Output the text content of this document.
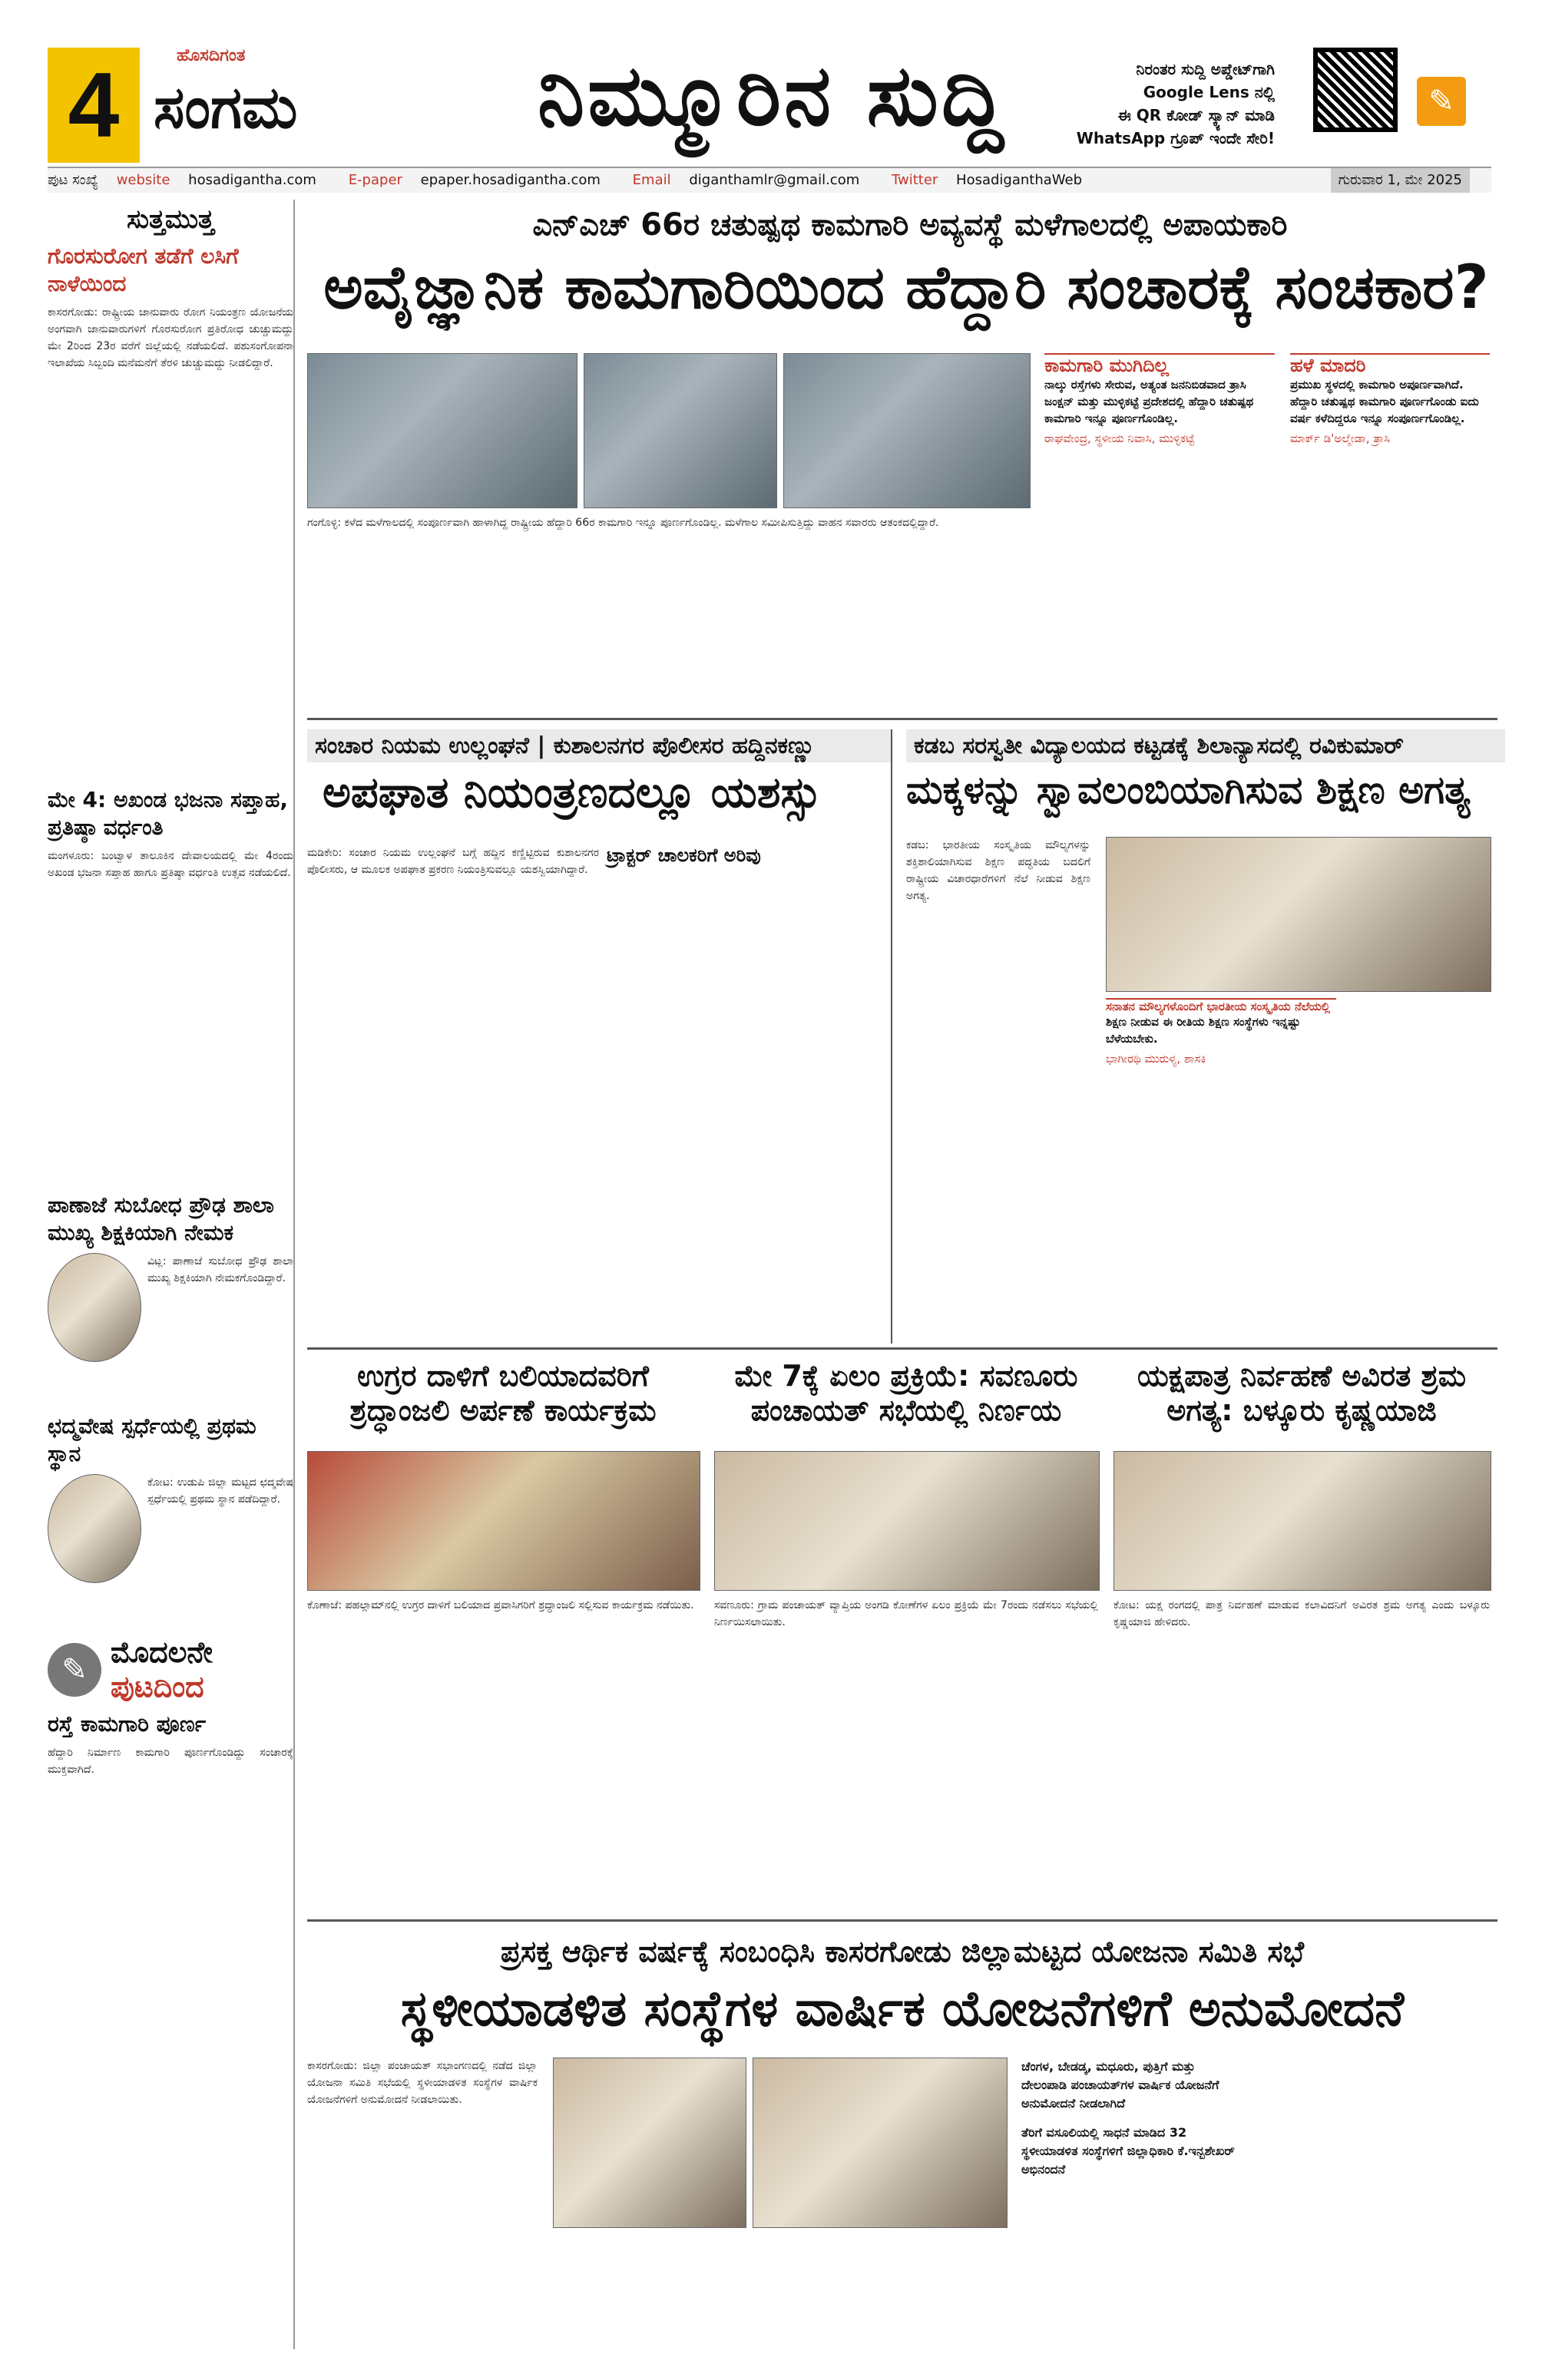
4	ಹೊಸದಿಗಂತ
ಸಂಗಮ	ನಿಮ್ಮೂರಿನ ಸುದ್ದಿ	ನಿರಂತರ ಸುದ್ದಿ ಅಪ್ಡೇಟ್‌ಗಾಗಿ
Google Lens ನಲ್ಲಿ
ಈ QR ಕೋಡ್ ಸ್ಕ್ಯಾನ್ ಮಾಡಿ
WhatsApp ಗ್ರೂಪ್ ಇಂದೇ ಸೇರಿ!
✎
ಪುಟ ಸಂಖ್ಯೆ website hosadigantha.com E-paper epaper.hosadigantha.com Email diganthamlr@gmail.com Twitter HosadiganthaWeb	ಗುರುವಾರ 1, ಮೇ 2025
ಸುತ್ತಮುತ್ತ
ಗೊರಸುರೋಗ ತಡೆಗೆ ಲಸಿಗೆ ನಾಳೆಯಿಂದ
ಕಾಸರಗೋಡು: ರಾಷ್ಟ್ರೀಯ ಜಾನುವಾರು ರೋಗ ನಿಯಂತ್ರಣ ಯೋಜನೆಯ ಅಂಗವಾಗಿ ಜಾನುವಾರುಗಳಿಗೆ ಗೊರಸುರೋಗ ಪ್ರತಿರೋಧ ಚುಚ್ಚುಮದ್ದು ಮೇ 2ರಿಂದ 23ರ ವರೆಗೆ ಜಿಲ್ಲೆಯಲ್ಲಿ ನಡೆಯಲಿದೆ. ಪಶುಸಂಗೋಪನಾ ಇಲಾಖೆಯ ಸಿಬ್ಬಂದಿ ಮನೆಮನೆಗೆ ತೆರಳಿ ಚುಚ್ಚುಮದ್ದು ನೀಡಲಿದ್ದಾರೆ.
ಮೇ 4: ಅಖಂಡ ಭಜನಾ ಸಪ್ತಾಹ, ಪ್ರತಿಷ್ಠಾ ವರ್ಧಂತಿ
ಮಂಗಳೂರು: ಬಂಟ್ವಾಳ ತಾಲೂಕಿನ ದೇವಾಲಯದಲ್ಲಿ ಮೇ 4ರಂದು ಅಖಂಡ ಭಜನಾ ಸಪ್ತಾಹ ಹಾಗೂ ಪ್ರತಿಷ್ಠಾ ವರ್ಧಂತಿ ಉತ್ಸವ ನಡೆಯಲಿದೆ.
ಪಾಣಾಜೆ ಸುಬೋಧ ಪ್ರೌಢ ಶಾಲಾ ಮುಖ್ಯ ಶಿಕ್ಷಕಿಯಾಗಿ ನೇಮಕ
ವಿಟ್ಲ: ಪಾಣಾಜೆ ಸುಬೋಧ ಪ್ರೌಢ ಶಾಲಾ ಮುಖ್ಯ ಶಿಕ್ಷಕಿಯಾಗಿ ನೇಮಕಗೊಂಡಿದ್ದಾರೆ.
ಛದ್ಮವೇಷ ಸ್ಪರ್ಧೆಯಲ್ಲಿ ಪ್ರಥಮ ಸ್ಥಾನ
ಕೋಟ: ಉಡುಪಿ ಜಿಲ್ಲಾ ಮಟ್ಟದ ಛದ್ಮವೇಷ ಸ್ಪರ್ಧೆಯಲ್ಲಿ ಪ್ರಥಮ ಸ್ಥಾನ ಪಡೆದಿದ್ದಾರೆ.
✎ ಮೊದಲನೇ
ಪುಟದಿಂದ
ರಸ್ತೆ ಕಾಮಗಾರಿ ಪೂರ್ಣ
ಹೆದ್ದಾರಿ ನಿರ್ಮಾಣ ಕಾಮಗಾರಿ ಪೂರ್ಣಗೊಂಡಿದ್ದು ಸಂಚಾರಕ್ಕೆ ಮುಕ್ತವಾಗಿದೆ.
ಎನ್‌ಎಚ್ 66ರ ಚತುಷ್ಪಥ ಕಾಮಗಾರಿ ಅವ್ಯವಸ್ಥೆ ಮಳೆಗಾಲದಲ್ಲಿ ಅಪಾಯಕಾರಿ
ಅವೈಜ್ಞಾನಿಕ ಕಾಮಗಾರಿಯಿಂದ ಹೆದ್ದಾರಿ ಸಂಚಾರಕ್ಕೆ ಸಂಚಕಾರ?
ಗಂಗೊಳ್ಳಿ: ಕಳೆದ ಮಳೆಗಾಲದಲ್ಲಿ ಸಂಪೂರ್ಣವಾಗಿ ಹಾಳಾಗಿದ್ದ ರಾಷ್ಟ್ರೀಯ ಹೆದ್ದಾರಿ 66ರ ಕಾಮಗಾರಿ ಇನ್ನೂ ಪೂರ್ಣಗೊಂಡಿಲ್ಲ. ಮಳೆಗಾಲ ಸಮೀಪಿಸುತ್ತಿದ್ದು ವಾಹನ ಸವಾರರು ಆತಂಕದಲ್ಲಿದ್ದಾರೆ.
ಕಾಮಗಾರಿ ಮುಗಿದಿಲ್ಲ
ನಾಲ್ಕು ರಸ್ತೆಗಳು ಸೇರುವ, ಅತ್ಯಂತ ಜನನಿಬಿಡವಾದ ತ್ರಾಸಿ ಜಂಕ್ಷನ್ ಮತ್ತು ಮುಳ್ಳಿಕಟ್ಟೆ ಪ್ರದೇಶದಲ್ಲಿ ಹೆದ್ದಾರಿ ಚತುಷ್ಪಥ ಕಾಮಗಾರಿ ಇನ್ನೂ ಪೂರ್ಣಗೊಂಡಿಲ್ಲ.
ರಾಘವೇಂದ್ರ, ಸ್ಥಳೀಯ ನಿವಾಸಿ, ಮುಳ್ಳಿಕಟ್ಟೆ
ಹಳೆ ಮಾದರಿ
ಪ್ರಮುಖ ಸ್ಥಳದಲ್ಲಿ ಕಾಮಗಾರಿ ಅಪೂರ್ಣವಾಗಿದೆ. ಹೆದ್ದಾರಿ ಚತುಷ್ಪಥ ಕಾಮಗಾರಿ ಪೂರ್ಣಗೊಂಡು ಐದು ವರ್ಷ ಕಳೆದಿದ್ದರೂ ಇನ್ನೂ ಸಂಪೂರ್ಣಗೊಂಡಿಲ್ಲ.
ಮಾರ್ಕ್ ಡಿ'ಅಲ್ಮೇಡಾ, ತ್ರಾಸಿ
ಸಂಚಾರ ನಿಯಮ ಉಲ್ಲಂಘನೆ | ಕುಶಾಲನಗರ ಪೊಲೀಸರ ಹದ್ದಿನಕಣ್ಣು
ಅಪಘಾತ ನಿಯಂತ್ರಣದಲ್ಲೂ ಯಶಸ್ಸು
ಟ್ರಾಕ್ಟರ್ ಚಾಲಕರಿಗೆ ಅರಿವು
ಮಡಿಕೇರಿ: ಸಂಚಾರ ನಿಯಮ ಉಲ್ಲಂಘನೆ ಬಗ್ಗೆ ಹದ್ದಿನ ಕಣ್ಣಿಟ್ಟಿರುವ ಕುಶಾಲನಗರ ಪೊಲೀಸರು, ಆ ಮೂಲಕ ಅಪಘಾತ ಪ್ರಕರಣ ನಿಯಂತ್ರಿಸುವಲ್ಲೂ ಯಶಸ್ವಿಯಾಗಿದ್ದಾರೆ.
ಕಡಬ ಸರಸ್ವತೀ ವಿದ್ಯಾಲಯದ ಕಟ್ಟಡಕ್ಕೆ ಶಿಲಾನ್ಯಾಸದಲ್ಲಿ ರವಿಕುಮಾರ್
ಮಕ್ಕಳನ್ನು ಸ್ವಾವಲಂಬಿಯಾಗಿಸುವ ಶಿಕ್ಷಣ ಅಗತ್ಯ
ಕಡಬ: ಭಾರತೀಯ ಸಂಸ್ಕೃತಿಯ ಮೌಲ್ಯಗಳನ್ನು ಶಕ್ತಿಶಾಲಿಯಾಗಿಸುವ ಶಿಕ್ಷಣ ಪದ್ಧತಿಯ ಬದಲಿಗೆ ರಾಷ್ಟ್ರೀಯ ವಿಚಾರಧಾರೆಗಳಿಗೆ ನೆಲೆ ನೀಡುವ ಶಿಕ್ಷಣ ಅಗತ್ಯ.
ಸನಾತನ ಮೌಲ್ಯಗಳೊಂದಿಗೆ ಭಾರತೀಯ ಸಂಸ್ಕೃತಿಯ ನೆಲೆಯಲ್ಲಿ
ಶಿಕ್ಷಣ ನೀಡುವ ಈ ರೀತಿಯ ಶಿಕ್ಷಣ ಸಂಸ್ಥೆಗಳು ಇನ್ನಷ್ಟು ಬೆಳೆಯಬೇಕು.
ಭಾಗೀರಥಿ ಮುರುಳ್ಯ, ಶಾಸಕಿ
ಉಗ್ರರ ದಾಳಿಗೆ ಬಲಿಯಾದವರಿಗೆ ಶ್ರದ್ಧಾಂಜಲಿ ಅರ್ಪಣೆ ಕಾರ್ಯಕ್ರಮ
ಕೊಣಾಜೆ: ಪಹಲ್ಗಾಮ್‌ನಲ್ಲಿ ಉಗ್ರರ ದಾಳಿಗೆ ಬಲಿಯಾದ ಪ್ರವಾಸಿಗರಿಗೆ ಶ್ರದ್ಧಾಂಜಲಿ ಸಲ್ಲಿಸುವ ಕಾರ್ಯಕ್ರಮ ನಡೆಯಿತು.
ಮೇ 7ಕ್ಕೆ ಏಲಂ ಪ್ರಕ್ರಿಯೆ: ಸವಣೂರು ಪಂಚಾಯತ್ ಸಭೆಯಲ್ಲಿ ನಿರ್ಣಯ
ಸವಣೂರು: ಗ್ರಾಮ ಪಂಚಾಯತ್ ವ್ಯಾಪ್ತಿಯ ಅಂಗಡಿ ಕೋಣೆಗಳ ಏಲಂ ಪ್ರಕ್ರಿಯೆ ಮೇ 7ರಂದು ನಡೆಸಲು ಸಭೆಯಲ್ಲಿ ನಿರ್ಣಯಿಸಲಾಯಿತು.
ಯಕ್ಷಪಾತ್ರ ನಿರ್ವಹಣೆ ಅವಿರತ ಶ್ರಮ ಅಗತ್ಯ: ಬಳ್ಕೂರು ಕೃಷ್ಣಯಾಜಿ
ಕೋಟ: ಯಕ್ಷ ರಂಗದಲ್ಲಿ ಪಾತ್ರ ನಿರ್ವಹಣೆ ಮಾಡುವ ಕಲಾವಿದನಿಗೆ ಅವಿರತ ಶ್ರಮ ಅಗತ್ಯ ಎಂದು ಬಳ್ಕೂರು ಕೃಷ್ಣಯಾಜಿ ಹೇಳಿದರು.
ಪ್ರಸಕ್ತ ಆರ್ಥಿಕ ವರ್ಷಕ್ಕೆ ಸಂಬಂಧಿಸಿ ಕಾಸರಗೋಡು ಜಿಲ್ಲಾಮಟ್ಟದ ಯೋಜನಾ ಸಮಿತಿ ಸಭೆ
ಸ್ಥಳೀಯಾಡಳಿತ ಸಂಸ್ಥೆಗಳ ವಾರ್ಷಿಕ ಯೋಜನೆಗಳಿಗೆ ಅನುಮೋದನೆ
ಕಾಸರಗೋಡು: ಜಿಲ್ಲಾ ಪಂಚಾಯತ್ ಸಭಾಂಗಣದಲ್ಲಿ ನಡೆದ ಜಿಲ್ಲಾ ಯೋಜನಾ ಸಮಿತಿ ಸಭೆಯಲ್ಲಿ ಸ್ಥಳೀಯಾಡಳಿತ ಸಂಸ್ಥೆಗಳ ವಾರ್ಷಿಕ ಯೋಜನೆಗಳಿಗೆ ಅನುಮೋದನೆ ನೀಡಲಾಯಿತು.
ಚೆಂಗಳ, ಬೇಡಡ್ಕ, ಮಧೂರು, ಪುತ್ತಿಗೆ ಮತ್ತು ದೇಲಂಪಾಡಿ ಪಂಚಾಯತ್‌ಗಳ ವಾರ್ಷಿಕ ಯೋಜನೆಗೆ ಅನುಮೋದನೆ ನೀಡಲಾಗಿದೆ
ತೆರಿಗೆ ವಸೂಲಿಯಲ್ಲಿ ಸಾಧನೆ ಮಾಡಿದ 32 ಸ್ಥಳೀಯಾಡಳಿತ ಸಂಸ್ಥೆಗಳಿಗೆ ಜಿಲ್ಲಾಧಿಕಾರಿ ಕೆ.ಇನ್ಬಶೇಖರ್ ಅಭಿನಂದನೆ
